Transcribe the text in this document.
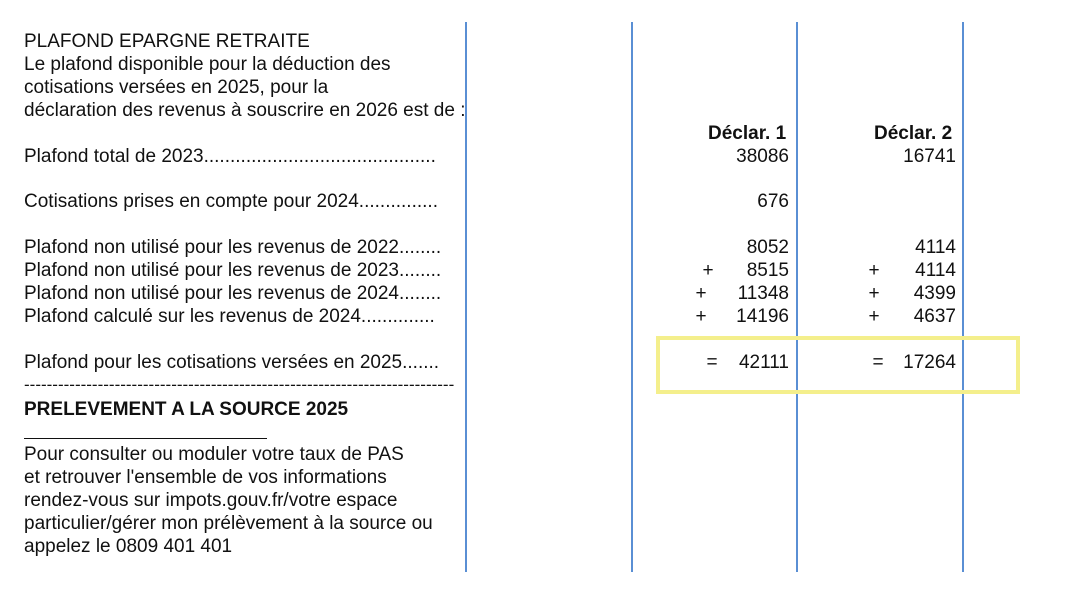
PLAFOND EPARGNE RETRAITE
Le plafond disponible pour la déduction des
cotisations versées en 2025, pour la
déclaration des revenus à souscrire en 2026 est de :
Déclar. 1	Déclar. 2
Plafond total de 2023............................................	38086	16741
Cotisations prises en compte pour 2024...............	676
Plafond non utilisé pour les revenus de 2022........	8052	4114
Plafond non utilisé pour les revenus de 2023........	+	8515	+	4114
Plafond non utilisé pour les revenus de 2024........	+	11348	+	4399
Plafond calculé sur les revenus de 2024..............	+	14196	+	4637
Plafond pour les cotisations versées en 2025.......	=	42111	=	17264
----------------------------------------------------------------------------
PRELEVEMENT A LA SOURCE 2025
Pour consulter ou moduler votre taux de PAS
et retrouver l'ensemble de vos informations
rendez-vous sur impots.gouv.fr/votre espace
particulier/gérer mon prélèvement à la source ou
appelez le 0809 401 401
